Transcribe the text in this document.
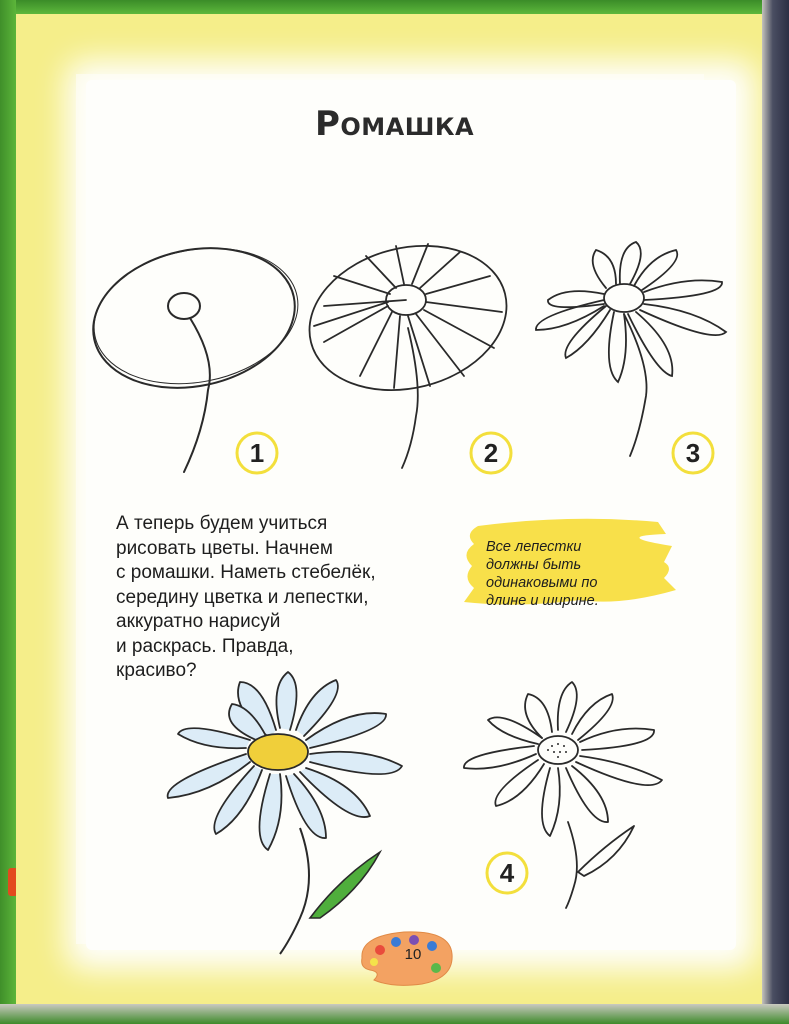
Ромашка
1	2	3
А теперь будем учиться
рисовать цветы. Начнем
с ромашки. Наметь стебелёк,
середину цветка и лепестки,
аккуратно нарисуй
и раскрась. Правда,
красиво?
Все лепестки
должны быть
одинаковыми по
длине и ширине.
4
10
